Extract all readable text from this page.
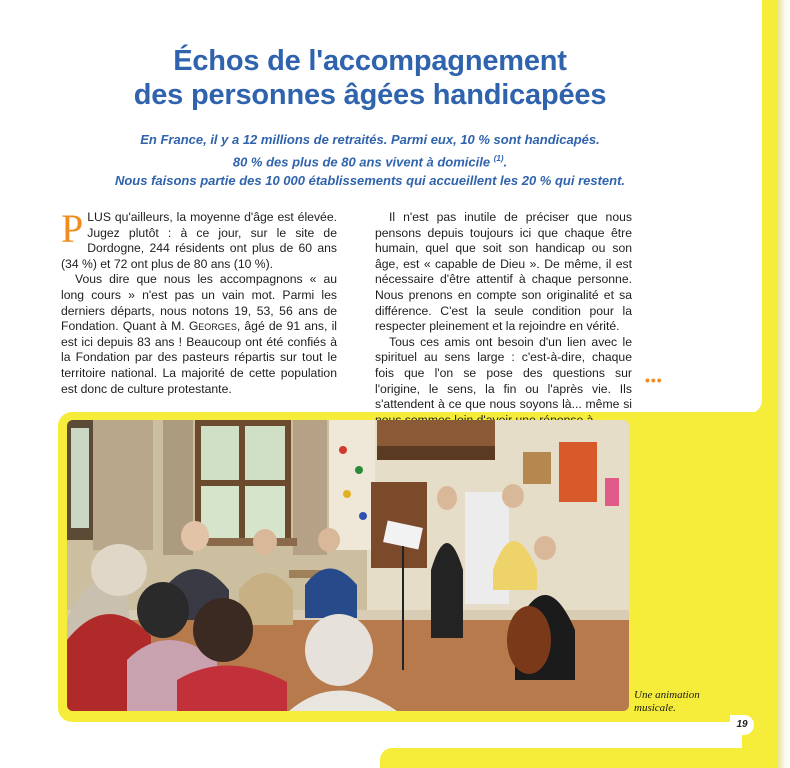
Échos de l'accompagnement
des personnes âgées handicapées
En France, il y a 12 millions de retraités. Parmi eux, 10 % sont handicapés.
80 % des plus de 80 ans vivent à domicile $^{(1)}$.
Nous faisons partie des 10 000 établissements qui accueillent les 20 % qui restent.

PLUS qu'ailleurs, la moyenne d'âge est élevée. Jugez plutôt : à ce jour, sur le site de Dordogne, 244 résidents ont plus de 60 ans (34 %) et 72 ont plus de 80 ans (10 %).

Vous dire que nous les accompagnons « au long cours » n'est pas un vain mot. Parmi les derniers départs, nous notons 19, 53, 56 ans de Fondation. Quant à M. Georges, âgé de 91 ans, il est ici depuis 83 ans ! Beaucoup ont été confiés à la Fondation par des pasteurs répartis sur tout le territoire national. La majorité de cette population est donc de culture protestante.

Il n'est pas inutile de préciser que nous pensons depuis toujours ici que chaque être humain, quel que soit son handicap ou son âge, est « capable de Dieu ». De même, il est nécessaire d'être attentif à chaque personne. Nous prenons en compte son originalité et sa différence. C'est la seule condition pour la respecter pleinement et la rejoindre en vérité.

Tous ces amis ont besoin d'un lien avec le spirituel au sens large : c'est-à-dire, chaque fois que l'on se pose des questions sur l'origine, le sens, la fin ou l'après vie. Ils s'attendent à ce que nous soyons là... même si

•••
Une animation
musicale.
19
